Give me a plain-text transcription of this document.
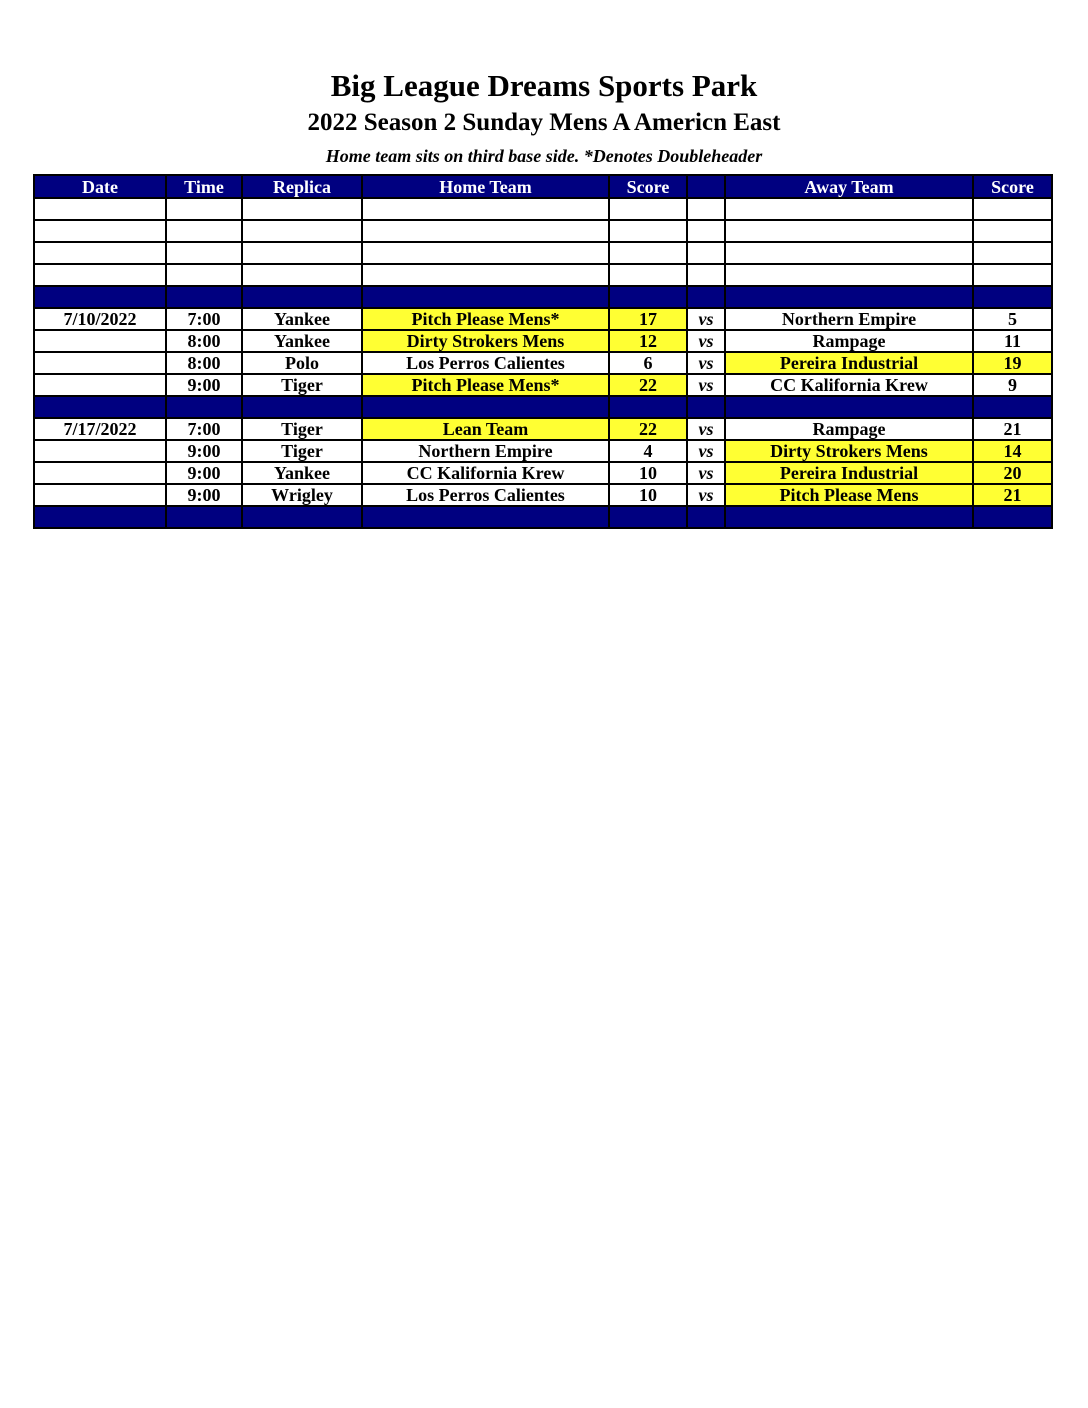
Big League Dreams Sports Park
2022 Season 2 Sunday Mens A Americn East
Home team sits on third base side. *Denotes Doubleheader
Date	Time	Replica	Home Team	Score		Away Team	Score

7/10/2022	7:00	Yankee	Pitch Please Mens*	17	vs	Northern Empire	5
	8:00	Yankee	Dirty Strokers Mens	12	vs	Rampage	11
	8:00	Polo	Los Perros Calientes	6	vs	Pereira Industrial	19
	9:00	Tiger	Pitch Please Mens*	22	vs	CC Kalifornia Krew	9

7/17/2022	7:00	Tiger	Lean Team	22	vs	Rampage	21
	9:00	Tiger	Northern Empire	4	vs	Dirty Strokers Mens	14
	9:00	Yankee	CC Kalifornia Krew	10	vs	Pereira Industrial	20
	9:00	Wrigley	Los Perros Calientes	10	vs	Pitch Please Mens	21
